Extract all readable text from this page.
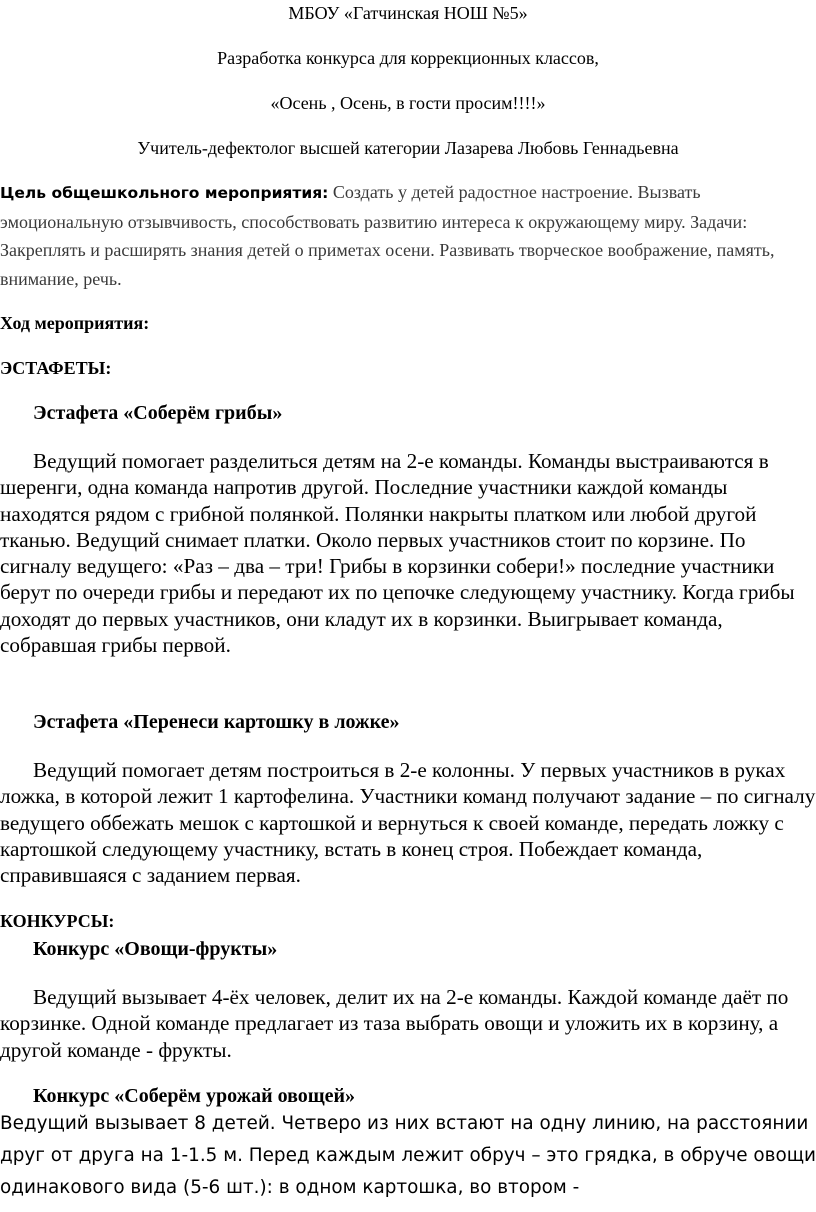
МБОУ «Гатчинская НОШ №5»
Разработка конкурса для коррекционных классов,
«Осень , Осень, в гости просим!!!!»
Учитель-дефектолог высшей категории Лазарева Любовь Геннадьевна
Цель общешкольного мероприятия: Создать у детей радостное настроение. Вызвать эмоциональную отзывчивость, способствовать развитию интереса к окружающему миру. Задачи: Закреплять и расширять знания детей о приметах осени. Развивать творческое воображение, память, внимание, речь.
Ход мероприятия:
ЭСТАФЕТЫ:
Эстафета «Соберём грибы»
Ведущий помогает разделиться детям на 2-е команды. Команды выстраиваются в шеренги, одна команда напротив другой. Последние участники каждой команды находятся рядом с грибной полянкой. Полянки накрыты платком или любой другой тканью. Ведущий снимает платки. Около первых участников стоит по корзине. По сигналу ведущего: «Раз – два – три! Грибы в корзинки собери!» последние участники берут по очереди грибы и передают их по цепочке следующему участнику. Когда грибы доходят до первых участников, они кладут их в корзинки. Выигрывает команда, собравшая грибы первой.
Эстафета «Перенеси картошку в ложке»
Ведущий помогает детям построиться в 2-е колонны. У первых участников в руках ложка, в которой лежит 1 картофелина. Участники команд получают задание – по сигналу ведущего оббежать мешок с картошкой и вернуться к своей команде, передать ложку с картошкой следующему участнику, встать в конец строя. Побеждает команда, справившаяся с заданием первая.
КОНКУРСЫ:
Конкурс «Овощи-фрукты»
Ведущий вызывает 4-ёх человек, делит их на 2-е команды. Каждой команде даёт по корзинке. Одной команде предлагает из таза выбрать овощи и уложить их в корзину, а другой команде - фрукты.
Конкурс «Соберём урожай овощей»
Ведущий вызывает 8 детей. Четверо из них встают на одну линию, на расстоянии друг от друга на 1-1.5 м. Перед каждым лежит обруч – это грядка, в обруче овощи одинакового вида (5-6 шт.): в одном картошка, во втором -
